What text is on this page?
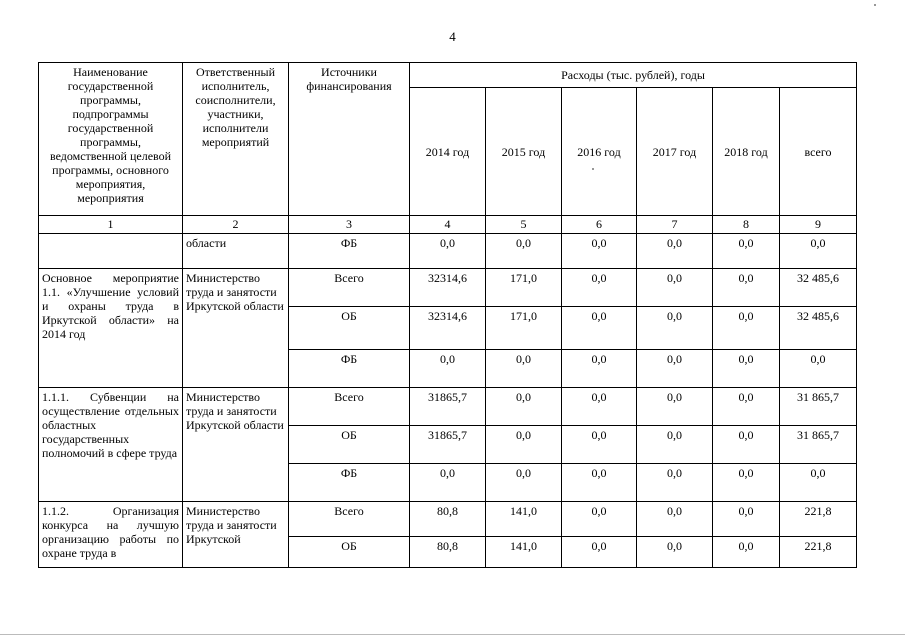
4
Наименование государственной программы, подпрограммы государственной программы, ведомственной целевой программы, основного мероприятия, мероприятия	Ответственный исполнитель, соисполнители, участники, исполнители мероприятий	Источники финансирования	Расходы (тыс. рублей), годы					
			2014 год	2015 год	2016 год	2017 год	2018 год	всего
1	2	3	4	5	6	7	8	9
	области	ФБ	0,0	0,0	0,0	0,0	0,0	0,0
Основное мероприятие 1.1. «Улучшение условий и охраны труда в Иркутской области» на 2014 год	Министерство труда и занятости Иркутской области	Всего	32314,6	171,0	0,0	0,0	0,0	32 485,6
		ОБ	32314,6	171,0	0,0	0,0	0,0	32 485,6
		ФБ	0,0	0,0	0,0	0,0	0,0	0,0
1.1.1. Субвенции на осуществление отдельных областных государственных полномочий в сфере труда	Министерство труда и занятости Иркутской области	Всего	31865,7	0,0	0,0	0,0	0,0	31 865,7
		ОБ	31865,7	0,0	0,0	0,0	0,0	31 865,7
		ФБ	0,0	0,0	0,0	0,0	0,0	0,0
1.1.2. Организация конкурса на лучшую организацию работы по охране труда в	Министерство труда и занятости Иркутской	Всего	80,8	141,0	0,0	0,0	0,0	221,8
		ОБ	80,8	141,0	0,0	0,0	0,0	221,8
